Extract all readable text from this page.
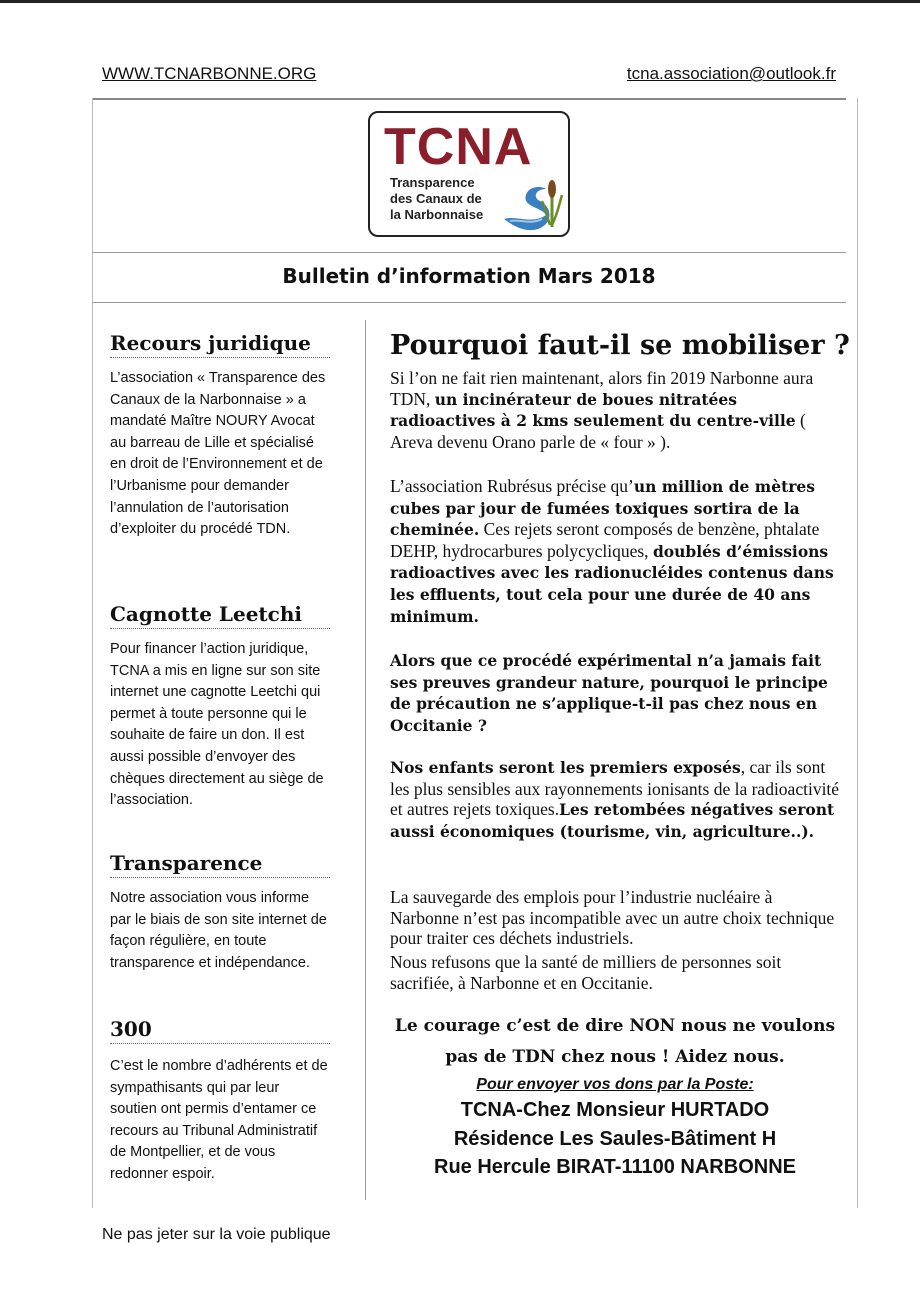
WWW.TCNARBONNE.ORG	tcna.association@outlook.fr
TCNA
Transparence
des Canaux de
la Narbonnaise
Bulletin d’information Mars 2018
Recours juridique

L’association « Transparence des Canaux de la Narbonnaise » a mandaté Maître NOURY Avocat au barreau de Lille et spécialisé en droit de l’Environnement et de l’Urbanisme pour demander l’annulation de l’autorisation d’exploiter du procédé TDN.

Cagnotte Leetchi

Pour financer l’action juridique, TCNA a mis en ligne sur son site internet une cagnotte Leetchi qui permet à toute personne qui le souhaite de faire un don. Il est aussi possible d’envoyer des chèques directement au siège de l’association.

Transparence

Notre association vous informe par le biais de son site internet de façon régulière, en toute transparence et indépendance.

300

C’est le nombre d’adhérents et de sympathisants qui par leur soutien ont permis d’entamer ce recours au Tribunal Administratif de Montpellier, et de vous redonner espoir.

Pourquoi faut-il se mobiliser ?

Si l’on ne fait rien maintenant, alors fin 2019 Narbonne aura TDN, un incinérateur de boues nitratées radioactives à 2 kms seulement du centre-ville ( Areva devenu Orano parle de « four » ).

L’association Rubrésus précise qu’un million de mètres cubes par jour de fumées toxiques sortira de la cheminée. Ces rejets seront composés de benzène, phtalate DEHP, hydrocarbures polycycliques, doublés d’émissions radioactives avec les radionucléides contenus dans les effluents, tout cela pour une durée de 40 ans minimum.

Alors que ce procédé expérimental n’a jamais fait ses preuves grandeur nature, pourquoi le principe de précaution ne s’applique-t-il pas chez nous en Occitanie ?

Nos enfants seront les premiers exposés, car ils sont les plus sensibles aux rayonnements ionisants de la radioactivité et autres rejets toxiques.Les retombées négatives seront aussi économiques (tourisme, vin, agriculture..).

La sauvegarde des emplois pour l’industrie nucléaire à Narbonne n’est pas incompatible avec un autre choix technique pour traiter ces déchets industriels.

Nous refusons que la santé de milliers de personnes soit sacrifiée, à Narbonne et en Occitanie.

Le courage c’est de dire NON nous ne voulons

pas de TDN chez nous ! Aidez nous.

Pour envoyer vos dons par la Poste:

TCNA-Chez Monsieur HURTADO

Résidence Les Saules-Bâtiment H

Rue Hercule BIRAT-11100 NARBONNE

Ne pas jeter sur la voie publique
